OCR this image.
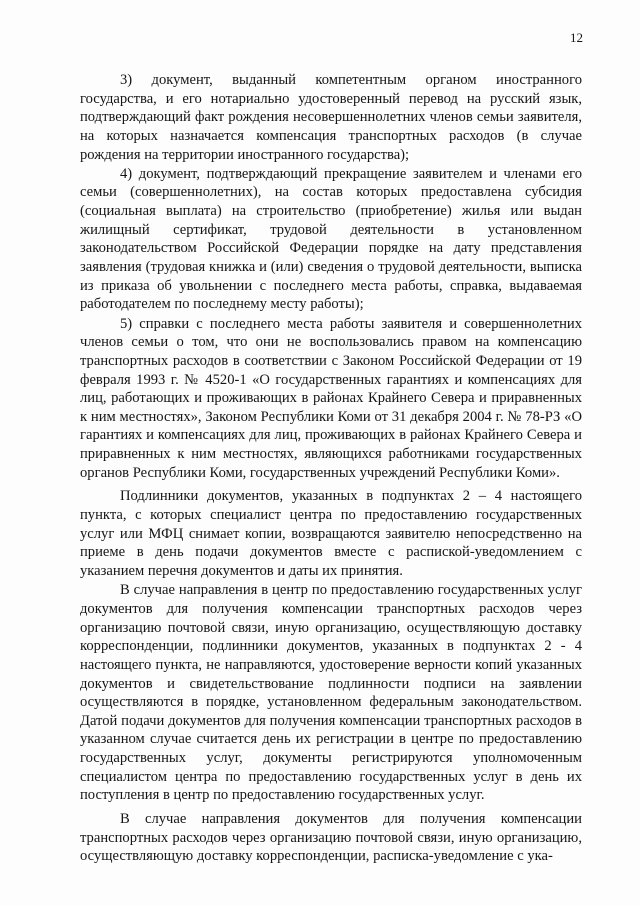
12

3) документ, выданный компетентным органом иностранного государства, и его нотариально удостоверенный перевод на русский язык, подтверждающий факт рождения несовершеннолетних членов семьи заявителя, на которых назначается компенсация транспортных расходов (в случае рождения на территории иностранного государства);

4) документ, подтверждающий прекращение заявителем и членами его семьи (совершеннолетних), на состав которых предоставлена субсидия (социальная выплата) на строительство (приобретение) жилья или выдан жилищный сертификат, трудовой деятельности в установленном законодательством Российской Федерации порядке на дату представления заявления (трудовая книжка и (или) сведения о трудовой деятельности, выписка из приказа об увольнении с последнего места работы, справка, выдаваемая работодателем по последнему месту работы);

5) справки с последнего места работы заявителя и совершеннолетних членов семьи о том, что они не воспользовались правом на компенсацию транспортных расходов в соответствии с Законом Российской Федерации от 19 февраля 1993 г. № 4520-1 «О государственных гарантиях и компенсациях для лиц, работающих и проживающих в районах Крайнего Севера и приравненных к ним местностях», Законом Республики Коми от 31 декабря 2004 г. № 78-РЗ «О гарантиях и компенсациях для лиц, проживающих в районах Крайнего Севера и приравненных к ним местностях, являющихся работниками государственных органов Республики Коми, государственных учреждений Республики Коми».

Подлинники документов, указанных в подпунктах 2 – 4 настоящего пункта, с которых специалист центра по предоставлению государственных услуг или МФЦ снимает копии, возвращаются заявителю непосредственно на приеме в день подачи документов вместе с распиской-уведомлением с указанием перечня документов и даты их принятия.

В случае направления в центр по предоставлению государственных услуг документов для получения компенсации транспортных расходов через организацию почтовой связи, иную организацию, осуществляющую доставку корреспонденции, подлинники документов, указанных в подпунктах 2 - 4 настоящего пункта, не направляются, удостоверение верности копий указанных документов и свидетельствование подлинности подписи на заявлении осуществляются в порядке, установленном федеральным законодательством. Датой подачи документов для получения компенсации транспортных расходов в указанном случае считается день их регистрации в центре по предоставлению государственных услуг, документы регистрируются уполномоченным специалистом центра по предоставлению государственных услуг в день их поступления в центр по предоставлению государственных услуг.

В случае направления документов для получения компенсации транспортных расходов через организацию почтовой связи, иную организацию, осуществляющую доставку корреспонденции, расписка-уведомление с ука-
